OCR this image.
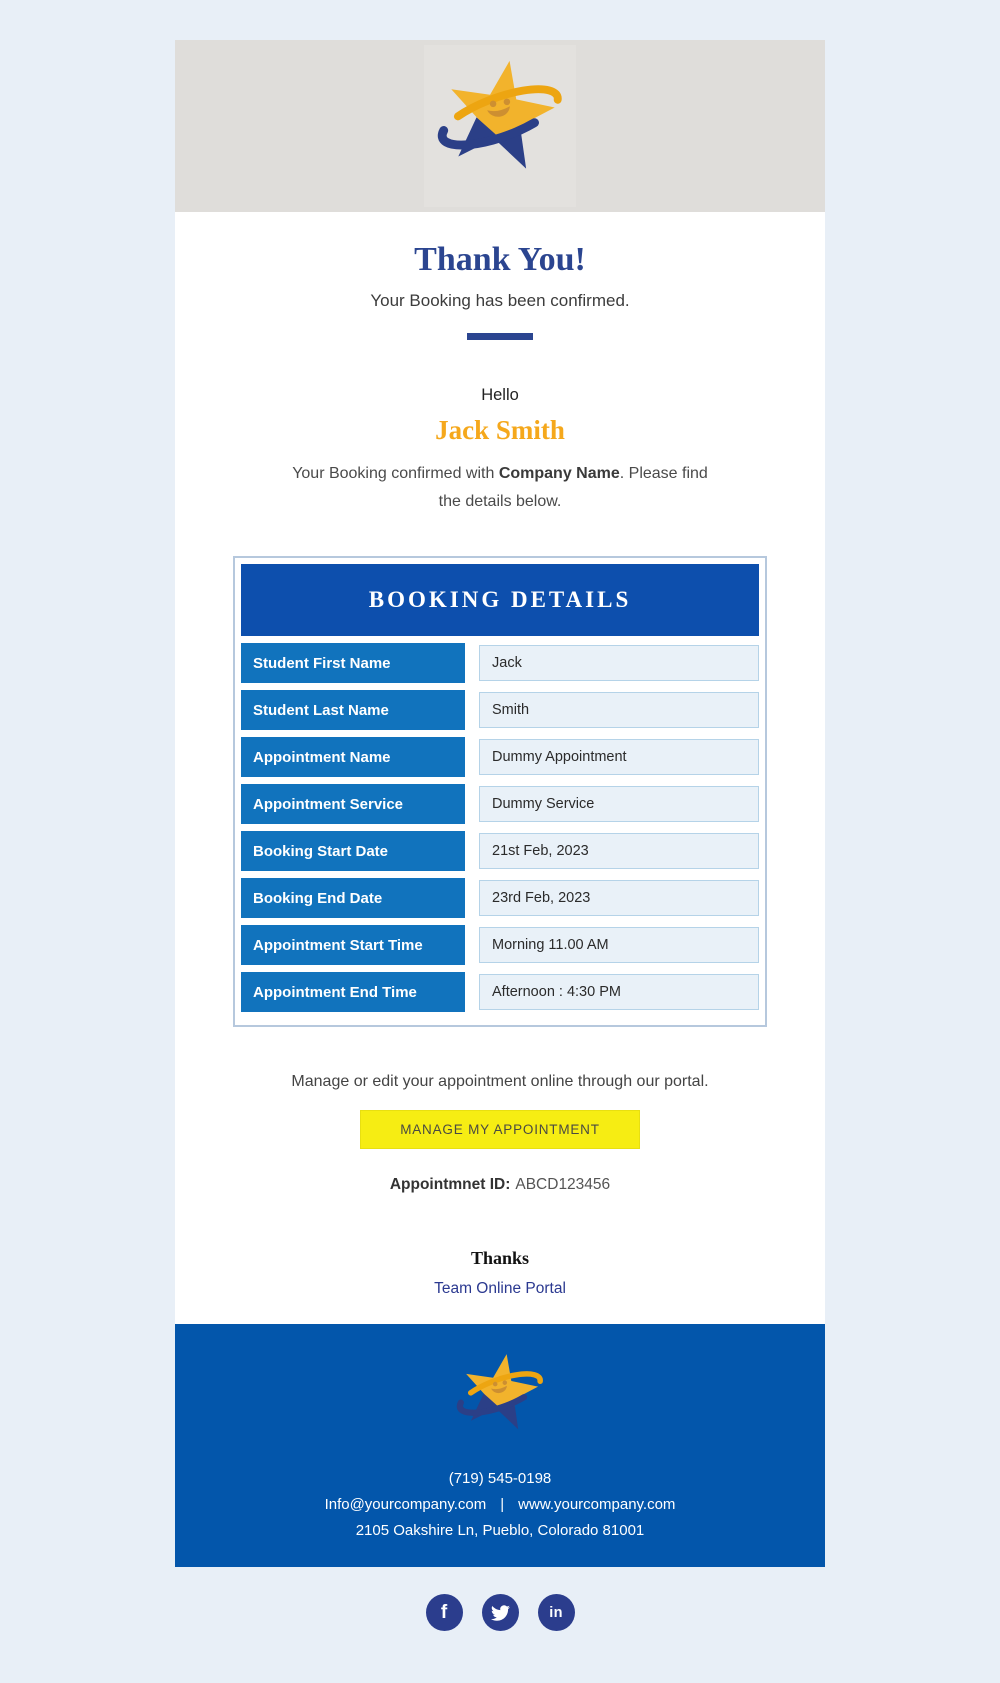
Thank You!
Your Booking has been confirmed.
Hello
Jack Smith
Your Booking confirmed with Company Name. Please find the details below.
BOOKING DETAILS
Student First Name	Jack
Student Last Name	Smith
Appointment Name	Dummy Appointment
Appointment Service	Dummy Service
Booking Start Date	21st Feb, 2023
Booking End Date	23rd Feb, 2023
Appointment Start Time	Morning 11.00 AM
Appointment End Time	Afternoon : 4:30 PM
Manage or edit your appointment online through our portal.
MANAGE MY APPOINTMENT
Appointmnet ID: ABCD123456
Thanks
Team Online Portal
(719) 545-0198
Info@yourcompany.com | www.yourcompany.com
2105 Oakshire Ln, Pueblo, Colorado 81001
f	in
